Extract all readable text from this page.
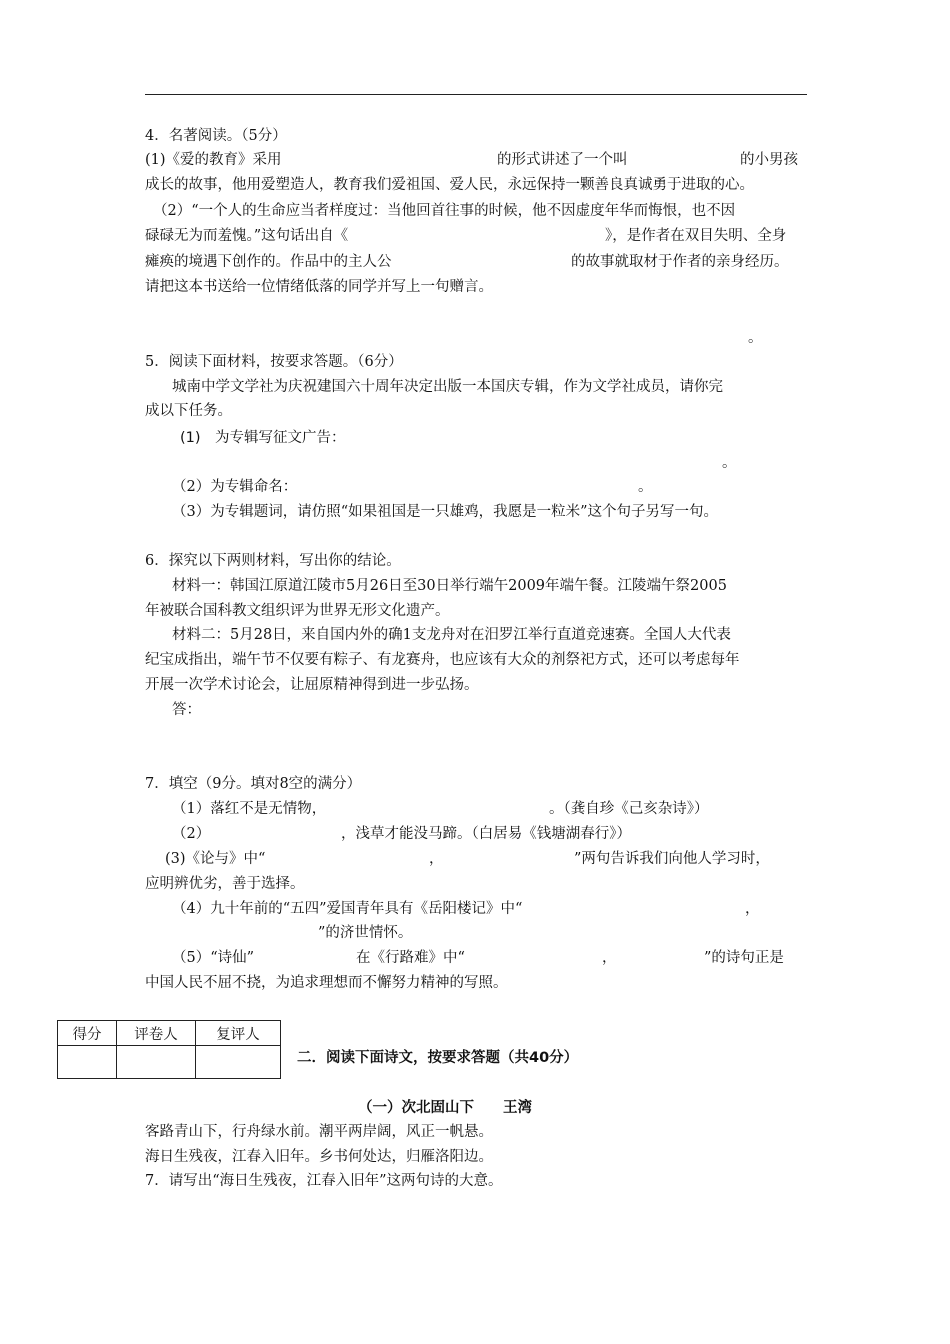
4．名著阅读。（5分）
(1)《爱的教育》采用	的形式讲述了一个叫	的小男孩
成长的故事，他用爱塑造人，教育我们爱祖国、爱人民，永远保持一颗善良真诚勇于进取的心。
（2）“一个人的生命应当者样度过：当他回首往事的时候，他不因虚度年华而悔恨，也不因
碌碌无为而羞愧。”这句话出自《	》，是作者在双目失明、全身
瘫痪的境遇下创作的。作品中的主人公	的故事就取材于作者的亲身经历。
请把这本书送给一位情绪低落的同学并写上一句赠言。
。
5．阅读下面材料，按要求答题。（6分）
城南中学文学社为庆祝建国六十周年决定出版一本国庆专辑，作为文学社成员，请你完
成以下任务。
(1)　为专辑写征文广告：
。
（2）为专辑命名：	。
（3）为专辑题词，请仿照“如果祖国是一只雄鸡，我愿是一粒米”这个句子另写一句。
6．探究以下两则材料，写出你的结论。
材料一：韩国江原道江陵市5月26日至30日举行端午2009年端午餐。江陵端午祭2005
年被联合国科教文组织评为世界无形文化遗产。
材料二：5月28日，来自国内外的确1支龙舟对在汨罗江举行直道竞速赛。全国人大代表
纪宝成指出，端午节不仅要有粽子、有龙赛舟，也应该有大众的剂祭祀方式，还可以考虑每年
开展一次学术讨论会，让屈原精神得到进一步弘扬。
答：
7．填空（9分。填对8空的满分）
（1）落红不是无情物，	。（龚自珍《己亥杂诗》）
（2）	，浅草才能没马蹄。（白居易《钱塘湖春行》）
(3)《论与》中“	，	”两句告诉我们向他人学习时，
应明辨优劣，善于选择。
（4）九十年前的“五四”爱国青年具有《岳阳楼记》中“	，
”的济世情怀。
（5）“诗仙”	在《行路难》中“	，	”的诗句正是
中国人民不屈不挠，为追求理想而不懈努力精神的写照。
得分	评卷人	复评人

二．阅读下面诗文，按要求答题（共40分）
（一）次北固山下　　王湾
客路青山下，行舟绿水前。潮平两岸阔，风正一帆悬。
海日生残夜，江春入旧年。乡书何处达，归雁洛阳边。
7．请写出“海日生残夜，江春入旧年”这两句诗的大意。
